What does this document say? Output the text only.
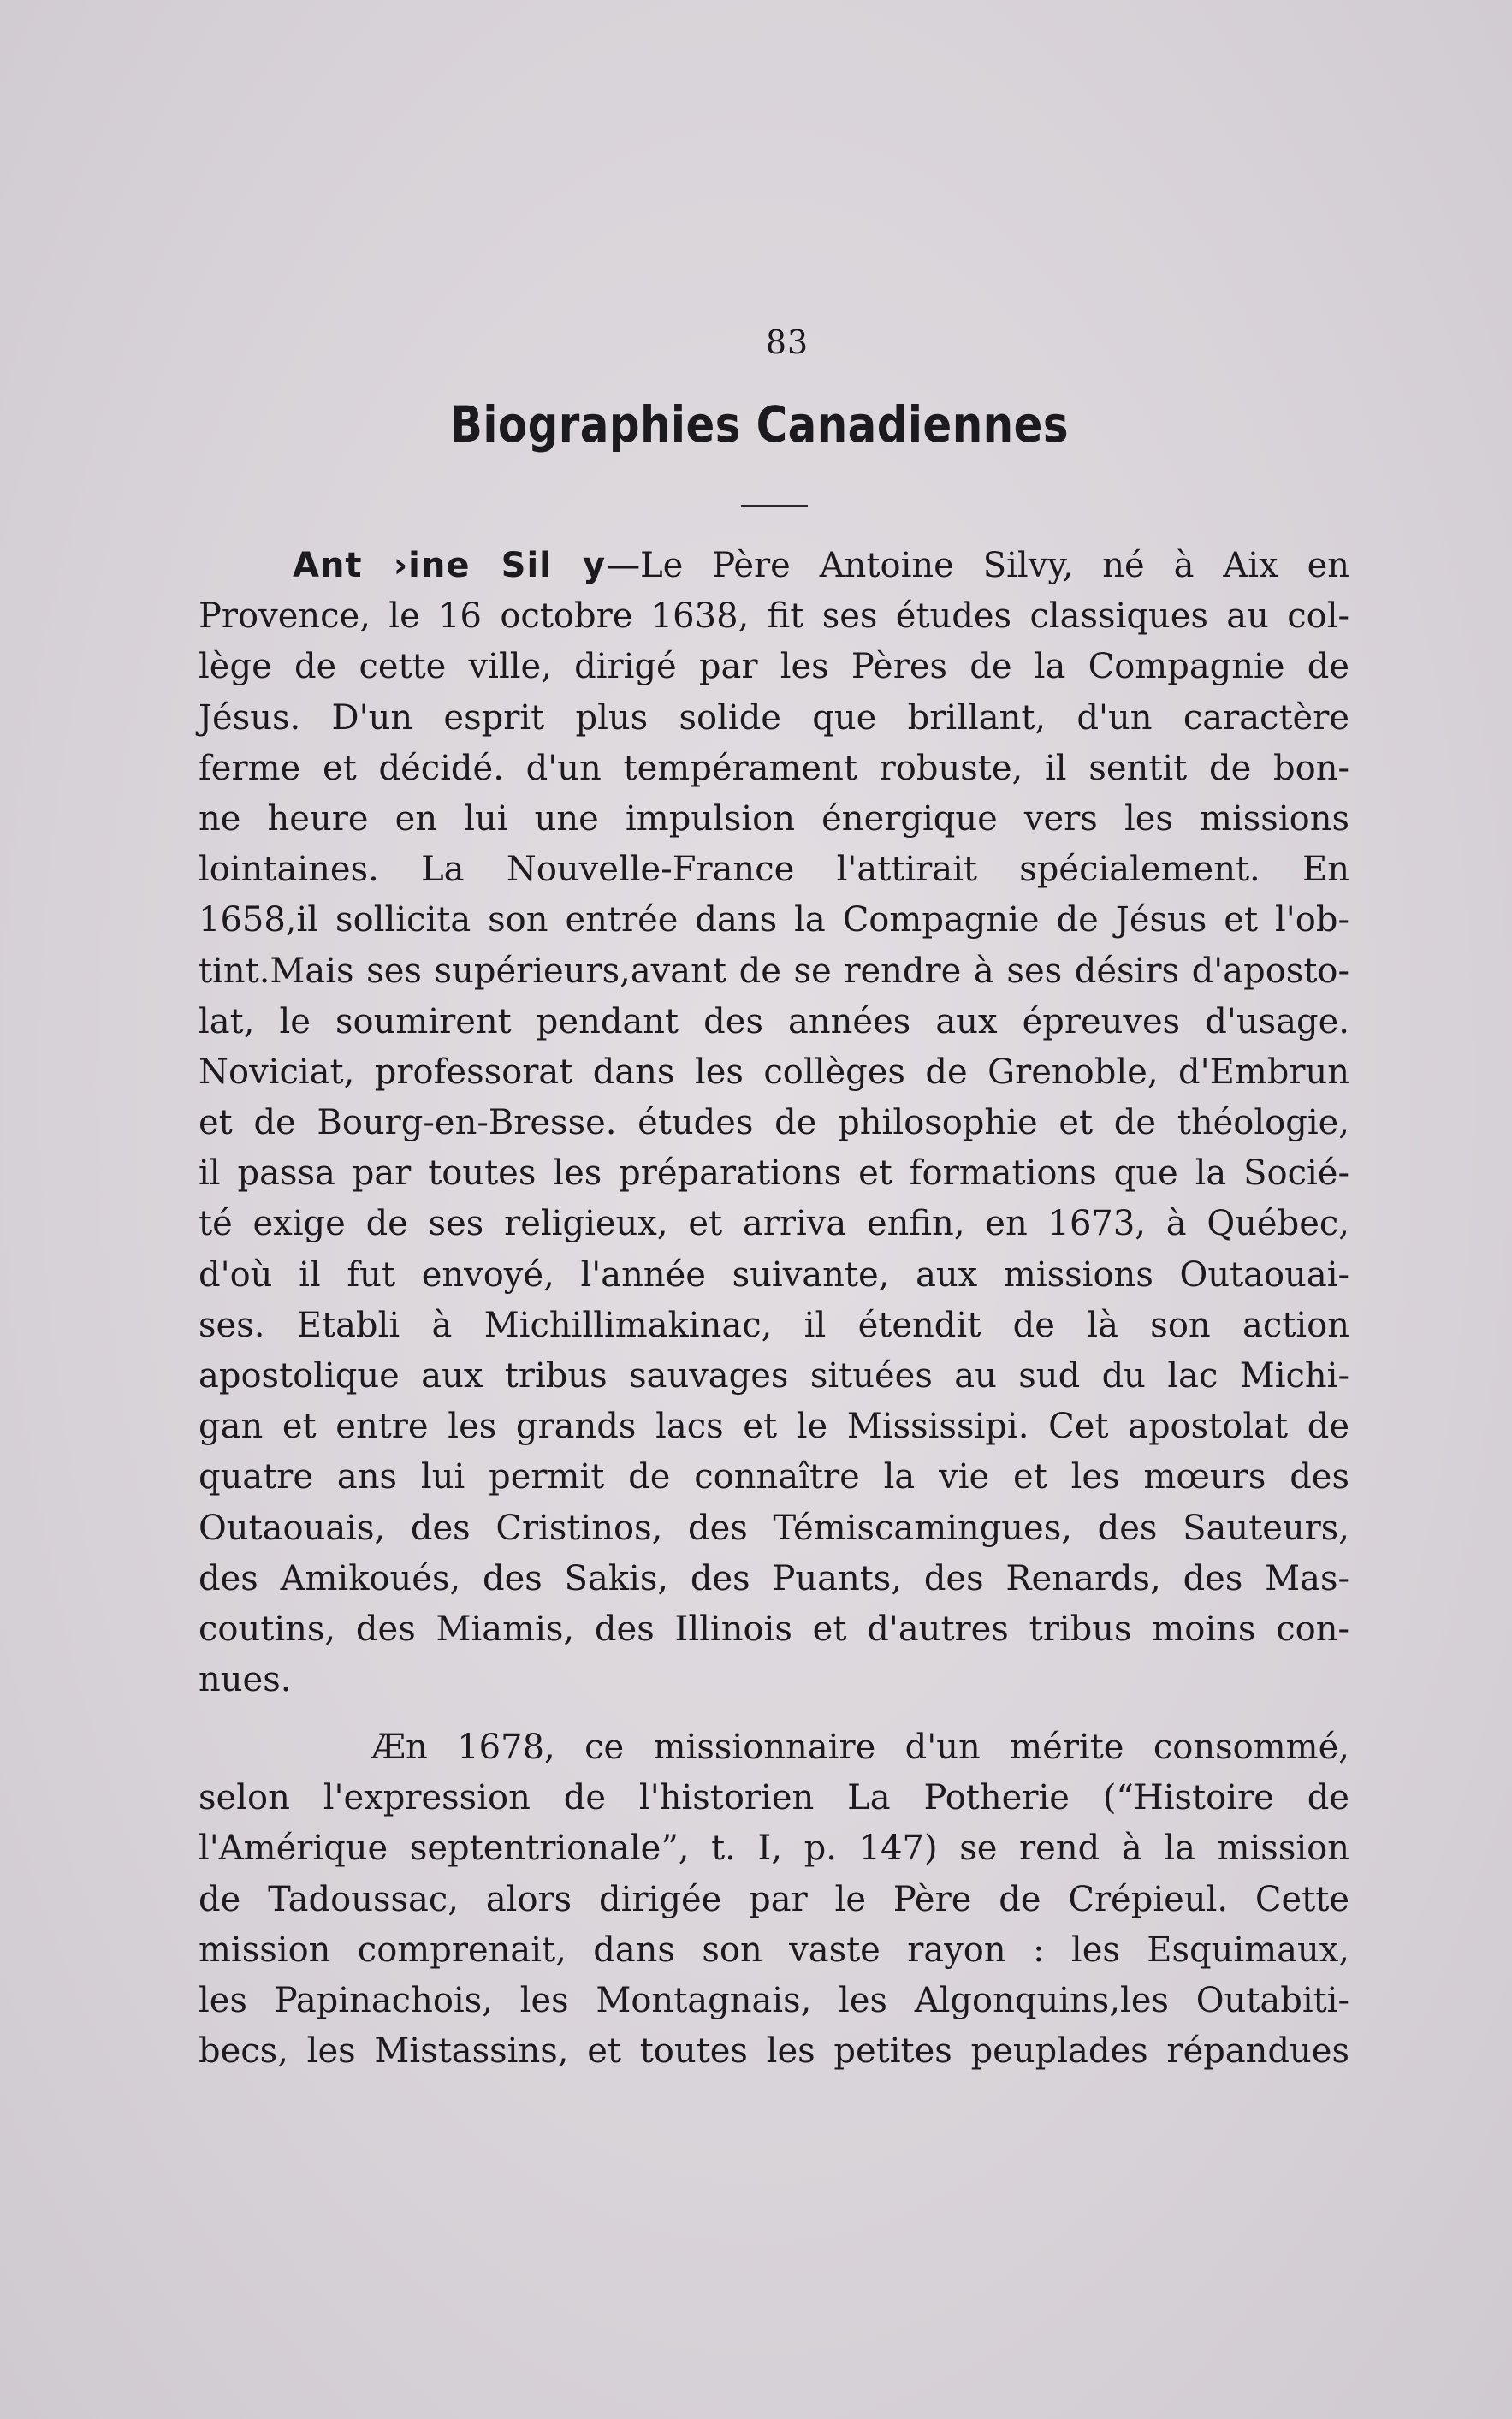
83
Biographies Canadiennes
Ant ›ine Sil y—Le Père Antoine Silvy, né à Aix en
Provence, le 16 octobre 1638, fit ses études classiques au col-
lège de cette ville, dirigé par les Pères de la Compagnie de
Jésus. D'un esprit plus solide que brillant, d'un caractère
ferme et décidé. d'un tempérament robuste, il sentit de bon-
ne heure en lui une impulsion énergique vers les missions
lointaines. La Nouvelle-France l'attirait spécialement. En
1658,il sollicita son entrée dans la Compagnie de Jésus et l'ob-
tint.Mais ses supérieurs,avant de se rendre à ses désirs d'aposto-
lat, le soumirent pendant des années aux épreuves d'usage.
Noviciat, professorat dans les collèges de Grenoble, d'Embrun
et de Bourg-en-Bresse. études de philosophie et de théologie,
il passa par toutes les préparations et formations que la Socié-
té exige de ses religieux, et arriva enfin, en 1673, à Québec,
d'où il fut envoyé, l'année suivante, aux missions Outaouai-
ses. Etabli à Michillimakinac, il étendit de là son action
apostolique aux tribus sauvages situées au sud du lac Michi-
gan et entre les grands lacs et le Mississipi. Cet apostolat de
quatre ans lui permit de connaître la vie et les mœurs des
Outaouais, des Cristinos, des Témiscamingues, des Sauteurs,
des Amikoués, des Sakis, des Puants, des Renards, des Mas-
coutins, des Miamis, des Illinois et d'autres tribus moins con-
nues.
Æn 1678, ce missionnaire d'un mérite consommé,
selon l'expression de l'historien La Potherie (“Histoire de
l'Amérique septentrionale”, t. I, p. 147) se rend à la mission
de Tadoussac, alors dirigée par le Père de Crépieul. Cette
mission comprenait, dans son vaste rayon : les Esquimaux,
les Papinachois, les Montagnais, les Algonquins,les Outabiti-
becs, les Mistassins, et toutes les petites peuplades répandues
